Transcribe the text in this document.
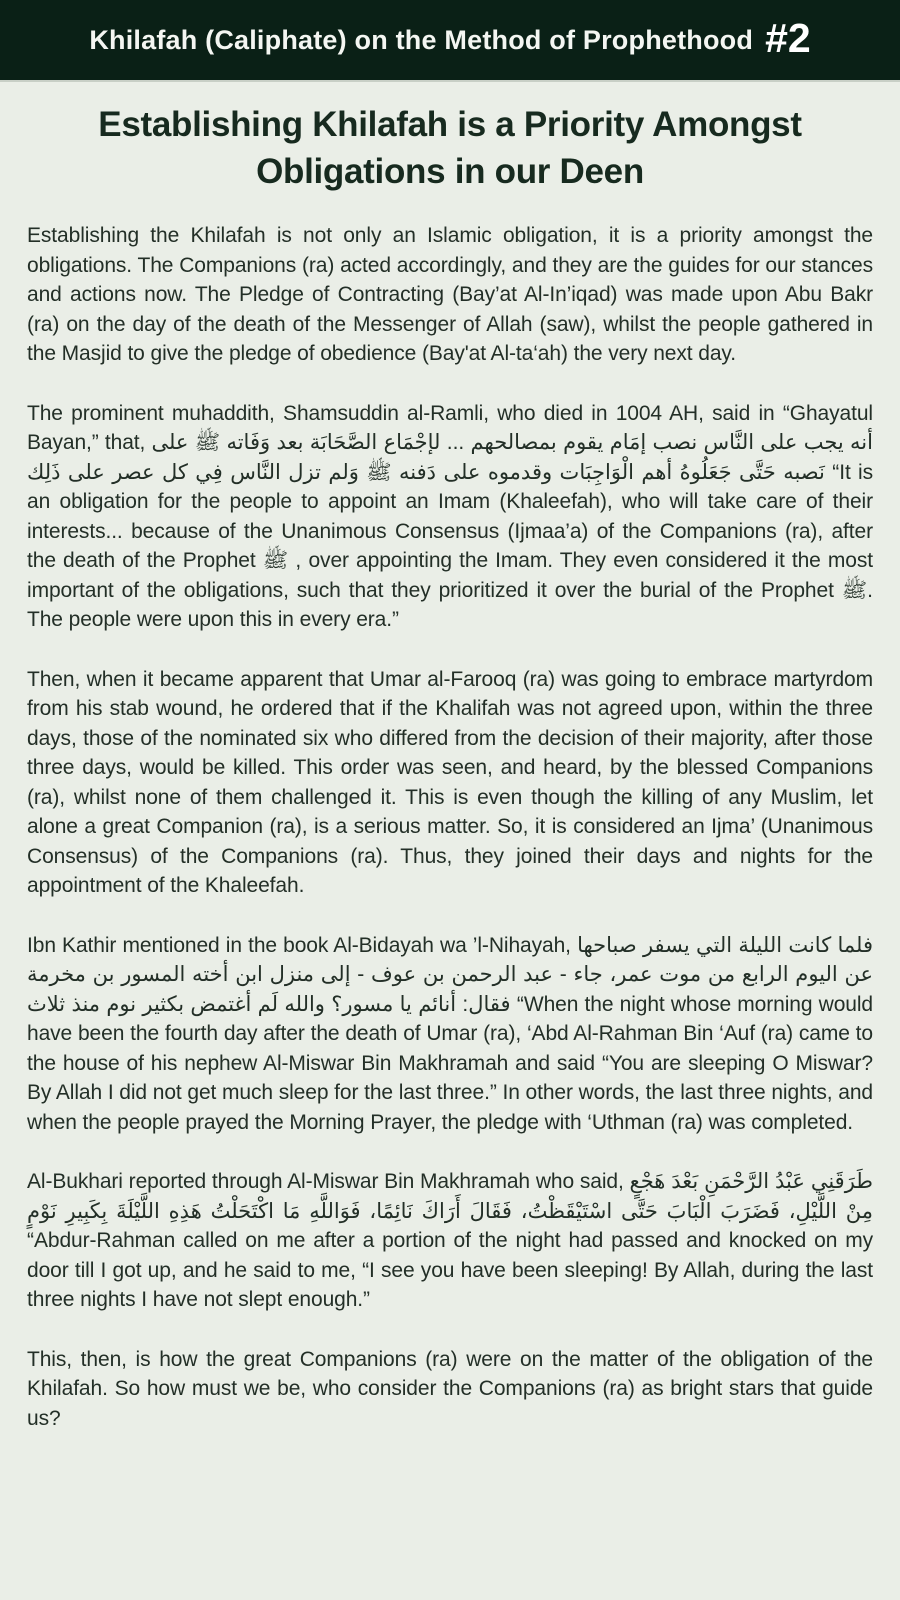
Khilafah (Caliphate) on the Method of Prophethood #2
Establishing Khilafah is a Priority Amongst Obligations in our Deen

Establishing the Khilafah is not only an Islamic obligation, it is a priority amongst the obligations. The Companions (ra) acted accordingly, and they are the guides for our stances and actions now. The Pledge of Contracting (Bay’at Al-In’iqad) was made upon Abu Bakr (ra) on the day of the death of the Messenger of Allah (saw), whilst the people gathered in the Masjid to give the pledge of obedience (Bay'at Al-ta‘ah) the very next day.

The prominent muhaddith, Shamsuddin al-Ramli, who died in 1004 AH, said in “Ghayatul Bayan,” that, أنه يجب على النَّاس نصب إمَام يقوم بمصالحهم ... لإجْمَاع الصَّحَابَة بعد وَفَاته ﷺ على نَصبه حَتَّى جَعَلُوهُ أهم الْوَاجِبَات وقدموه على دَفنه ﷺ وَلم تزل النَّاس فِي كل عصر على ذَلِك “It is an obligation for the people to appoint an Imam (Khaleefah), who will take care of their interests... because of the Unanimous Consensus (Ijmaa’a) of the Companions (ra), after the death of the Prophet ﷺ , over appointing the Imam. They even considered it the most important of the obligations, such that they prioritized it over the burial of the Prophet ﷺ. The people were upon this in every era.”

Then, when it became apparent that Umar al-Farooq (ra) was going to embrace martyrdom from his stab wound, he ordered that if the Khalifah was not agreed upon, within the three days, those of the nominated six who differed from the decision of their majority, after those three days, would be killed. This order was seen, and heard, by the blessed Companions (ra), whilst none of them challenged it. This is even though the killing of any Muslim, let alone a great Companion (ra), is a serious matter. So, it is considered an Ijma’ (Unanimous Consensus) of the Companions (ra). Thus, they joined their days and nights for the appointment of the Khaleefah.

Ibn Kathir mentioned in the book Al-Bidayah wa ’l-Nihayah, فلما كانت الليلة التي يسفر صباحها عن اليوم الرابع من موت عمر، جاء - عبد الرحمن بن عوف - إلى منزل ابن أخته المسور بن مخرمة فقال: أنائم يا مسور؟ والله لَم أغتمض بكثير نوم منذ ثلاث “When the night whose morning would have been the fourth day after the death of Umar (ra), ‘Abd Al-Rahman Bin ‘Auf (ra) came to the house of his nephew Al-Miswar Bin Makhramah and said “You are sleeping O Miswar? By Allah I did not get much sleep for the last three.” In other words, the last three nights, and when the people prayed the Morning Prayer, the pledge with ‘Uthman (ra) was completed.

Al-Bukhari reported through Al-Miswar Bin Makhramah who said, طَرَقَنِي عَبْدُ الرَّحْمَنِ بَعْدَ هَجْعٍ مِنْ اللَّيْلِ، فَضَرَبَ الْبَابَ حَتَّى اسْتَيْقَظْتُ، فَقَالَ أَرَاكَ نَائِمًا، فَوَاللَّهِ مَا اكْتَحَلْتُ هَذِهِ اللَّيْلَةَ بِكَبِيرِ نَوْمٍ “Abdur-Rahman called on me after a portion of the night had passed and knocked on my door till I got up, and he said to me, “I see you have been sleeping! By Allah, during the last three nights I have not slept enough.”

This, then, is how the great Companions (ra) were on the matter of the obligation of the Khilafah. So how must we be, who consider the Companions (ra) as bright stars that guide us?
